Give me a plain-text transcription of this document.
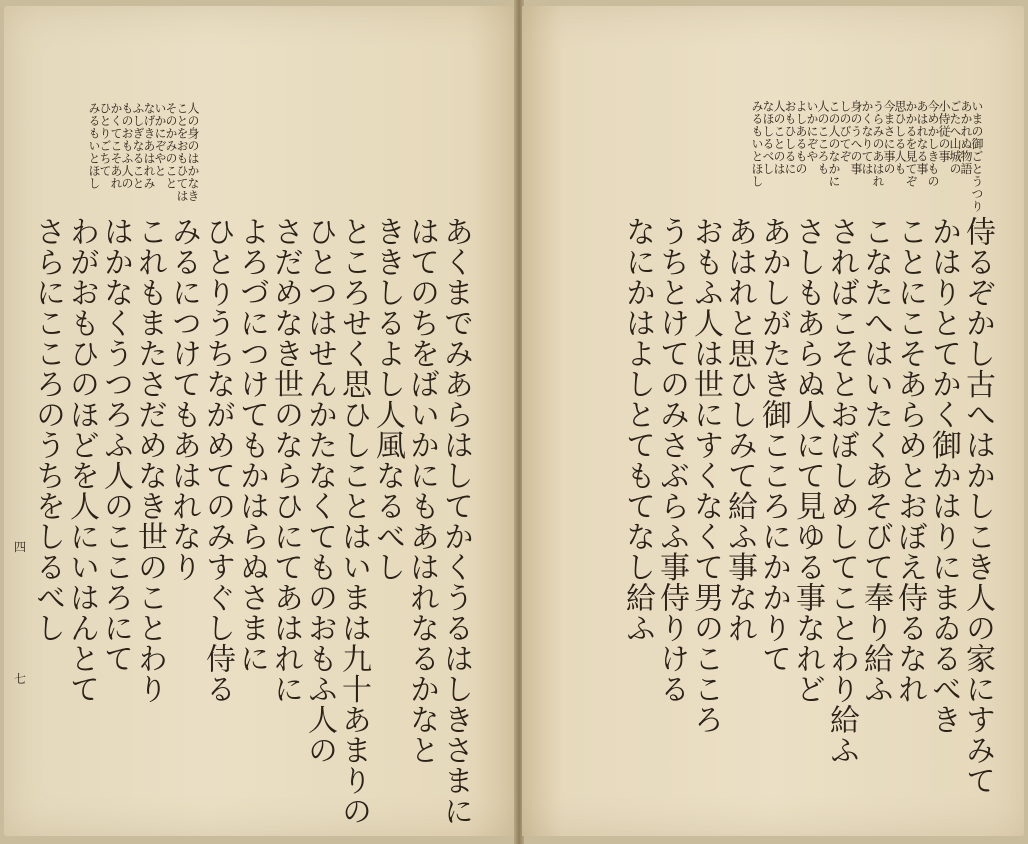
人の身のはかなき
ことをおもひては
そのかみのこと
いかにぞやと
なげきあはれみ
ふしぎなること
ものおもふ人の
かくてこそあれ
ひとりごちて
みるもいとほし
あくまでみあらはしてかくうるはしきさまに
はてのちをばいかにもあはれなるかなと
ききしるよし人風なるべし
ところせく思ひしことはいまは九十あまりの
ひとつはせんかたなくてものおもふ人の
さだめなき世のならひにてあはれに
よろづにつけてもかはらぬさまに
ひとりうちながめてのみすぐし侍る
みるにつけてもあはれなり
これもまたさだめなき世のことわり
はかなくうつろふ人のこころにて
わがおもひのほどを人にいはんとて
さらにこころのうちをしるべし
四
七
いまの御ごとうつり
あかれぬ物語
ごたへ山城の
小侍従の事
今めかしきもの
あはれなる事
かかるを見てぞ
思ひしる人も
今まさに事の
うらみのあはれ
かくなりては
身のうへの事
しのびてぞ
この人のなかに
人のこころも
いかにぞや
よしあるもの
おもひしるに
人のことのは
なほしるべし
みるもいとほし
侍るぞかし古へはかしこき人の家にすみて
かはりとてかく御かはりにまゐるべき
ことにこそあらめとおぼえ侍るなれ
こなたへはいたくあそびて奉り給ふ
さればこそとおぼしめしてことわり給ふ
さしもあらぬ人にて見ゆる事なれど
あかしがたき御こころにかかりて
あはれと思ひしみて給ふ事なれ
おもふ人は世にすくなくて男のこころ
うちとけてのみさぶらふ事侍りける
なにかはよしとてもてなし給ふ
